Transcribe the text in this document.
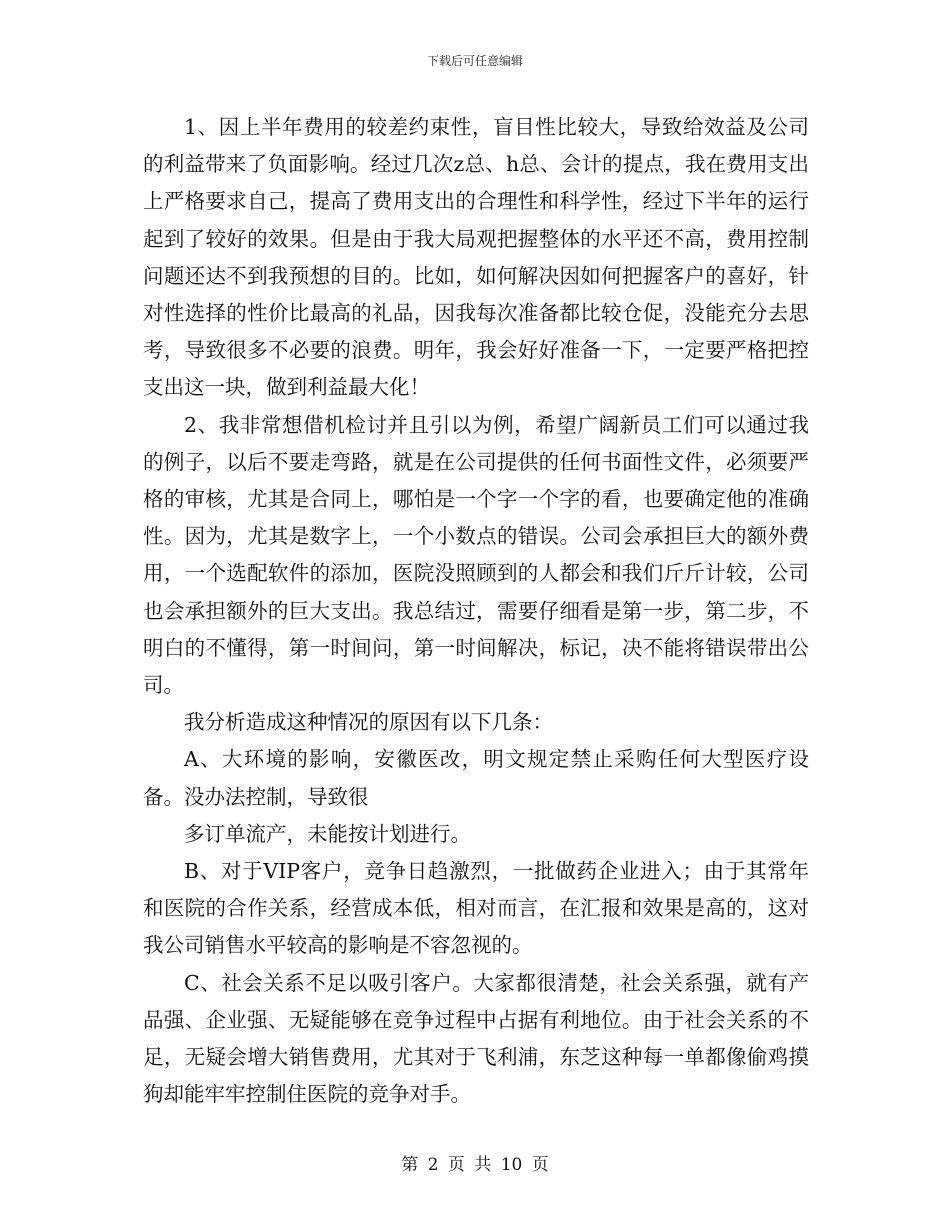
下载后可任意编辑

1、因上半年费用的较差约束性，盲目性比较大，导致给效益及公司的利益带来了负面影响。经过几次z总、h总、会计的提点，我在费用支出上严格要求自己，提高了费用支出的合理性和科学性，经过下半年的运行起到了较好的效果。但是由于我大局观把握整体的水平还不高，费用控制问题还达不到我预想的目的。比如，如何解决因如何把握客户的喜好，针对性选择的性价比最高的礼品，因我每次准备都比较仓促，没能充分去思考，导致很多不必要的浪费。明年，我会好好准备一下，一定要严格把控支出这一块，做到利益最大化！

2、我非常想借机检讨并且引以为例，希望广阔新员工们可以通过我的例子，以后不要走弯路，就是在公司提供的任何书面性文件，必须要严格的审核，尤其是合同上，哪怕是一个字一个字的看，也要确定他的准确性。因为，尤其是数字上，一个小数点的错误。公司会承担巨大的额外费用，一个选配软件的添加，医院没照顾到的人都会和我们斤斤计较，公司也会承担额外的巨大支出。我总结过，需要仔细看是第一步，第二步，不明白的不懂得，第一时间问，第一时间解决，标记，决不能将错误带出公司。

我分析造成这种情况的原因有以下几条：

A、大环境的影响，安徽医改，明文规定禁止采购任何大型医疗设备。没办法控制，导致很

多订单流产，未能按计划进行。

B、对于VIP客户，竞争日趋激烈，一批做药企业进入；由于其常年和医院的合作关系，经营成本低，相对而言，在汇报和效果是高的，这对我公司销售水平较高的影响是不容忽视的。

C、社会关系不足以吸引客户。大家都很清楚，社会关系强，就有产品强、企业强、无疑能够在竞争过程中占据有利地位。由于社会关系的不足，无疑会增大销售费用，尤其对于飞利浦，东芝这种每一单都像偷鸡摸狗却能牢牢控制住医院的竞争对手。

第 2 页 共 10 页
